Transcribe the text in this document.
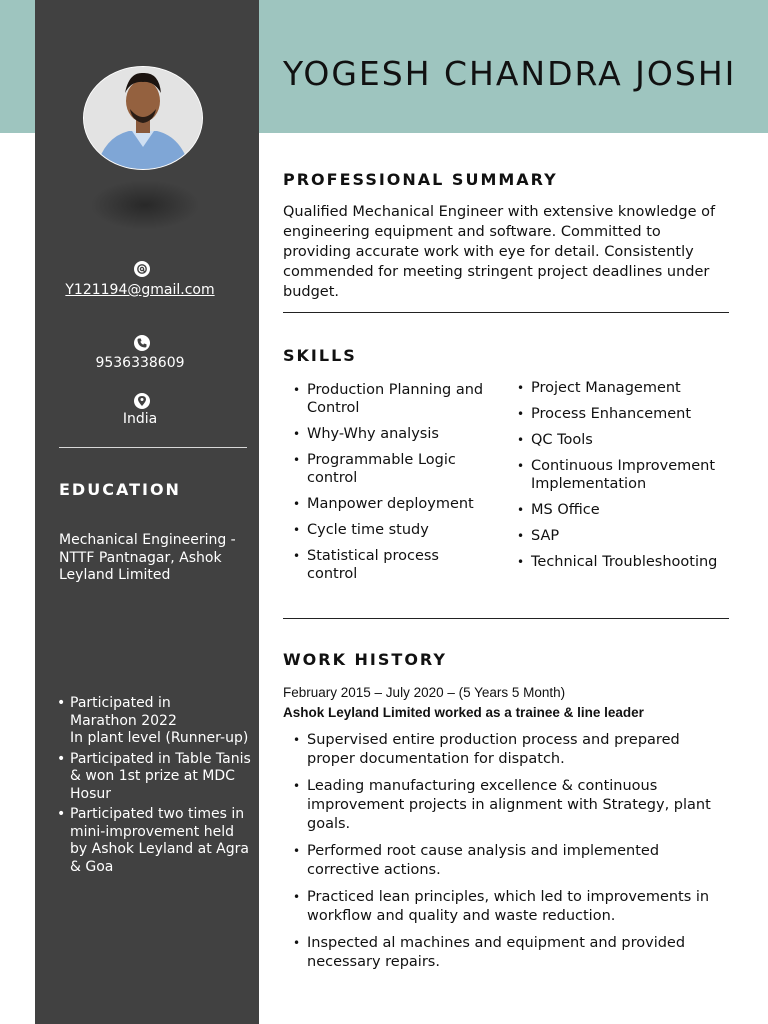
Y121194@gmail.com
9536338609
India
EDUCATION
Mechanical Engineering - NTTF Pantnagar, Ashok Leyland Limited
• Participated in
Marathon 2022
In plant level (Runner-up)
• Participated in Table Tanis & won 1st prize at MDC Hosur
• Participated two times in mini-improvement held by Ashok Leyland at Agra & Goa
YOGESH CHANDRA JOSHI
PROFESSIONAL SUMMARY
Qualified Mechanical Engineer with extensive knowledge of engineering equipment and software. Committed to providing accurate work with eye for detail. Consistently commended for meeting stringent project deadlines under budget.
SKILLS
• Production Planning and Control
• Why-Why analysis
• Programmable Logic control
• Manpower deployment
• Cycle time study
• Statistical process control
• Project Management
• Process Enhancement
• QC Tools
• Continuous Improvement Implementation
• MS Office
• SAP
• Technical Troubleshooting
WORK HISTORY
February 2015 – July 2020 – (5 Years 5 Month)
Ashok Leyland Limited worked as a trainee & line leader
• Supervised entire production process and prepared proper documentation for dispatch.
• Leading manufacturing excellence & continuous improvement projects in alignment with Strategy, plant goals.
• Performed root cause analysis and implemented corrective actions.
• Practiced lean principles, which led to improvements in workflow and quality and waste reduction.
• Inspected al machines and equipment and provided necessary repairs.
